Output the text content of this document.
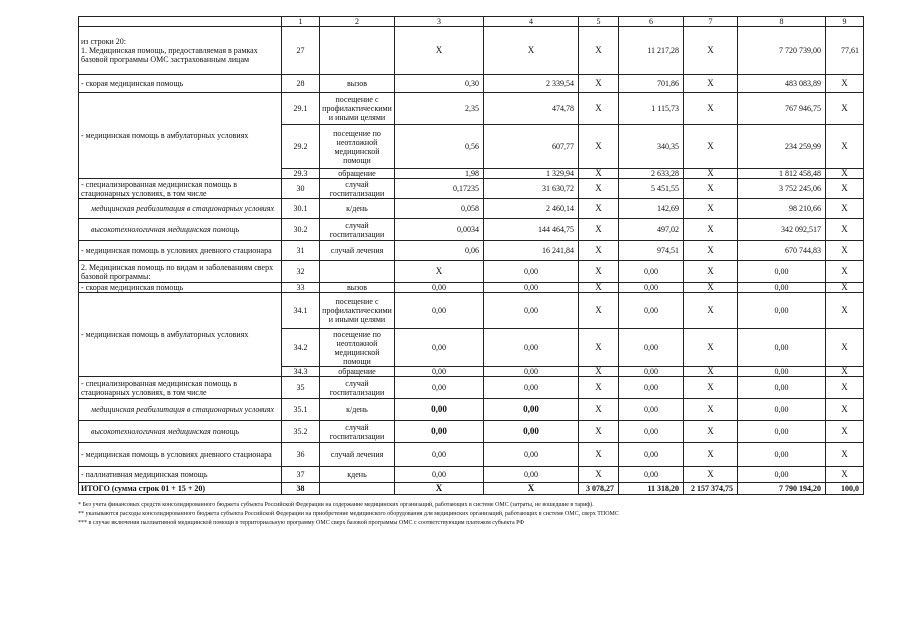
	1	2	3	4	5	6	7	8	9
из строки 20:
1. Медицинская помощь, предоставляемая в рамках базовой программы ОМС застрахованным лицам	27		X	X	X	11 217,28	X	7 720 739,00	77,61
- скорая медицинская помощь	28	вызов	0,30	2 339,54	X	701,86	X	483 083,89	X
- медицинская помощь в амбулаторных условиях	29.1	посещение с профилактическими и иными целями	2,35	474,78	X	1 115,73	X	767 946,75	X
	29.2	посещение по неотложной медицинской помощи	0,56	607,77	X	340,35	X	234 259,99	X
	29.3	обращение	1,98	1 329,94	X	2 633,28	X	1 812 458,48	X
- специализированная медицинская помощь в стационарных условиях, в том числе	30	случай госпитализации	0,17235	31 630,72	X	5 451,55	X	3 752 245,06	X
медицинская реабилитация в стационарных условиях	30.1	к/день	0,058	2 460,14	X	142,69	X	98 210,66	X
высокотехнологичная медицинская помощь	30.2	случай госпитализации	0,0034	144 464,75	X	497,02	X	342 092,517	X
- медицинская помощь в условиях дневного стационара	31	случай лечения	0,06	16 241,84	X	974,51	X	670 744,83	X
2. Медицинская помощь по видам и заболеваниям сверх базовой программы:	32		X	0,00	X	0,00	X	0,00	X
- скорая медицинская помощь	33	вызов	0,00	0,00	X	0,00	X	0,00	X
- медицинская помощь в амбулаторных условиях	34.1	посещение с профилактическими и иными целями	0,00	0,00	X	0,00	X	0,00	X
	34.2	посещение по неотложной медицинской помощи	0,00	0,00	X	0,00	X	0,00	X
	34.3	обращение	0,00	0,00	X	0,00	X	0,00	X
- специализированная медицинская помощь в стационарных условиях, в том числе	35	случай госпитализации	0,00	0,00	X	0,00	X	0,00	X
медицинская реабилитация в стационарных условиях	35.1	к/день	0,00	0,00	X	0,00	X	0,00	X
высокотехнологичная медицинская помощь	35.2	случай госпитализации	0,00	0,00	X	0,00	X	0,00	X
- медицинская помощь в условиях дневного стационара	36	случай лечения	0,00	0,00	X	0,00	X	0,00	X
- паллиативная медицинская помощь	37	кдень	0,00	0,00	X	0,00	X	0,00	X
ИТОГО (сумма строк 01 + 15 + 20)	38		X	X	3 078,27	11 318,20	2 157 374,75	7 790 194,20	100,0
* Без учета финансовых средств консолидированного бюджета субъекта Российской Федерации на содержание медицинских организаций, работающих в системе ОМС (затраты, не вошедшие в тариф).
** указываются расходы консолидированного бюджета субъекта Российской Федерации на приобретение медицинского оборудования для медицинских организаций, работающих в системе ОМС, сверх ТПОМС
*** в случае включения паллиативной медицинской помощи в территориальную программу ОМС сверх базовой программы ОМС с соответствующим платежом субъекта РФ
